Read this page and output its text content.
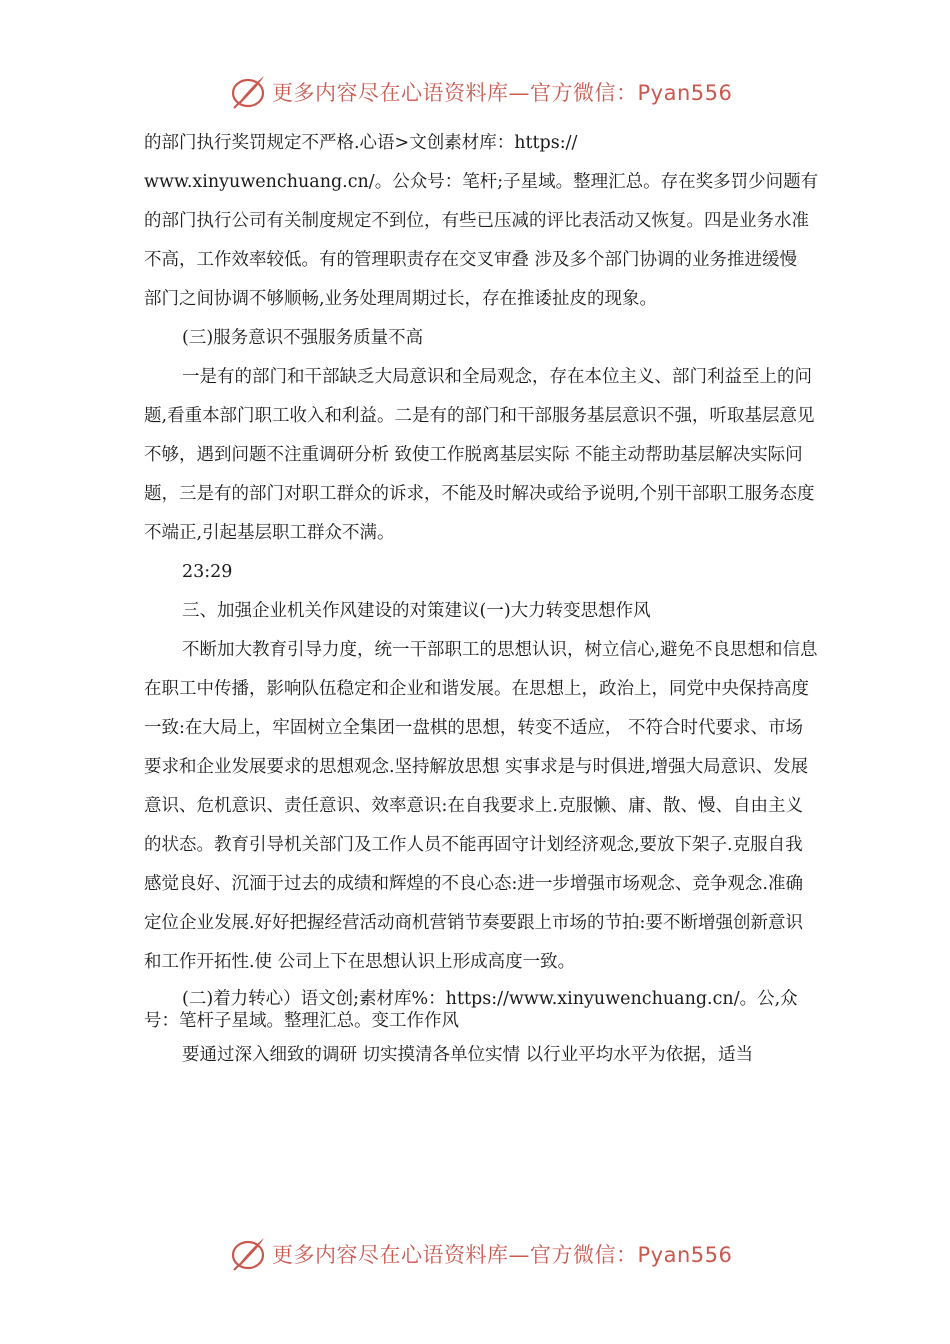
更多内容尽在心语资料库—官方微信：Pyan556

的部门执行奖罚规定不严格.心语>文创素材库：https://

www.xinyuwenchuang.cn/。公众号：笔杆;子星域。整理汇总。存在奖多罚少问题有的部门执行公司有关制度规定不到位，有些已压减的评比表活动又恢复。四是业务水准不高，工作效率较低。有的管理职责存在交叉审叠 涉及多个部门协调的业务推进缓慢 部门之间协调不够顺畅,业务处理周期过长，存在推诿扯皮的现象。

(三)服务意识不强服务质量不高

一是有的部门和干部缺乏大局意识和全局观念，存在本位主义、部门利益至上的问题,看重本部门职工收入和利益。二是有的部门和干部服务基层意识不强，听取基层意见不够，遇到问题不注重调研分析 致使工作脱离基层实际 不能主动帮助基层解决实际问题，三是有的部门对职工群众的诉求，不能及时解决或给予说明,个别干部职工服务态度不端正,引起基层职工群众不满。

23:29

三、加强企业机关作风建设的对策建议(一)大力转变思想作风

不断加大教育引导力度，统一干部职工的思想认识，树立信心,避免不良思想和信息在职工中传播，影响队伍稳定和企业和谐发展。在思想上，政治上，同党中央保持高度一致:在大局上，牢固树立全集团一盘棋的思想，转变不适应， 不符合时代要求、市场要求和企业发展要求的思想观念.坚持解放思想 实事求是与时俱进,增强大局意识、发展意识、危机意识、责任意识、效率意识:在自我要求上.克服懒、庸、散、慢、自由主义的状态。教育引导机关部门及工作人员不能再固守计划经济观念,要放下架子.克服自我感觉良好、沉湎于过去的成绩和辉煌的不良心态:进一步增强市场观念、竞争观念.准确定位企业发展.好好把握经营活动商机营销节奏要跟上市场的节拍:要不断增强创新意识和工作开拓性.使 公司上下在思想认识上形成高度一致。

(二)着力转心）语文创;素材库%：https://www.xinyuwenchuang.cn/。公,众号：笔杆子星域。整理汇总。变工作作风

要通过深入细致的调研 切实摸清各单位实情 以行业平均水平为依据，适当

更多内容尽在心语资料库—官方微信：Pyan556
